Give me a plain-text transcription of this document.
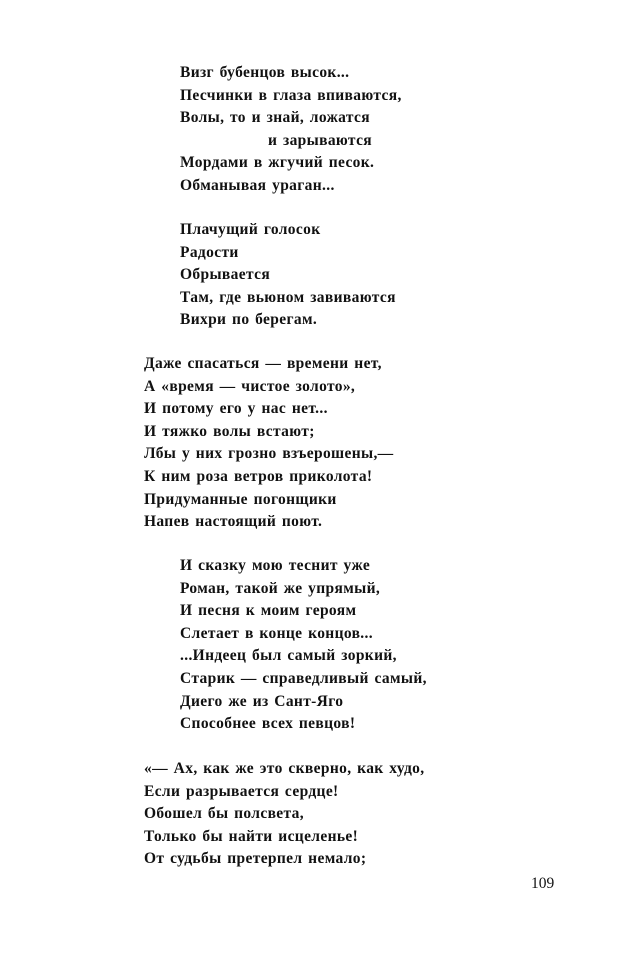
Визг бубенцов высок...
Песчинки в глаза впиваются,
Волы, то и знай, ложатся
и зарываются
Мордами в жгучий песок.
Обманывая ураган...
Плачущий голосок
Радости
Обрывается
Там, где вьюном завиваются
Вихри по берегам.
Даже спасаться — времени нет,
А «время — чистое золото»,
И потому его у нас нет...
И тяжко волы встают;
Лбы у них грозно взъерошены,—
К ним роза ветров приколота!
Придуманные погонщики
Напев настоящий поют.
И сказку мою теснит уже
Роман, такой же упрямый,
И песня к моим героям
Слетает в конце концов...
...Индеец был самый зоркий,
Старик — справедливый самый,
Диего же из Сант-Яго
Способнее всех певцов!
«— Ах, как же это скверно, как худо,
Если разрывается сердце!
Обошел бы полсвета,
Только бы найти исцеленье!
От судьбы претерпел немало;
109
